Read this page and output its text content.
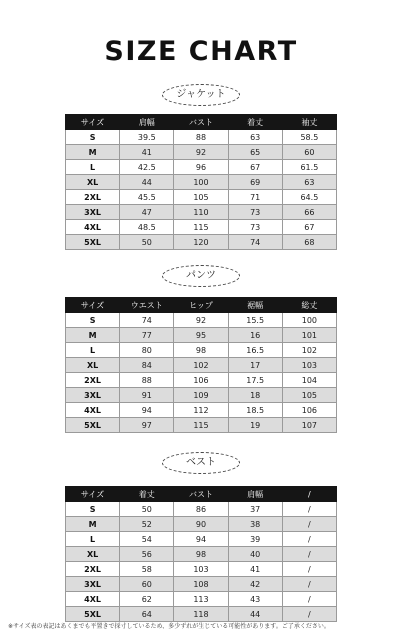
SIZE CHART
ジャケット
サイズ	肩幅	バスト	着丈	袖丈
S	39.5	88	63	58.5
M	41	92	65	60
L	42.5	96	67	61.5
XL	44	100	69	63
2XL	45.5	105	71	64.5
3XL	47	110	73	66
4XL	48.5	115	73	67
5XL	50	120	74	68
パンツ
サイズ	ウエスト	ヒップ	裾幅	総丈
S	74	92	15.5	100
M	77	95	16	101
L	80	98	16.5	102
XL	84	102	17	103
2XL	88	106	17.5	104
3XL	91	109	18	105
4XL	94	112	18.5	106
5XL	97	115	19	107
ベスト
サイズ	着丈	バスト	肩幅	/
S	50	86	37	/
M	52	90	38	/
L	54	94	39	/
XL	56	98	40	/
2XL	58	103	41	/
3XL	60	108	42	/
4XL	62	113	43	/
5XL	64	118	44	/
※サイズ表の表記はあくまでも平置きで採寸しているため、多少ずれが生じている可能性があります。ご了承ください。
